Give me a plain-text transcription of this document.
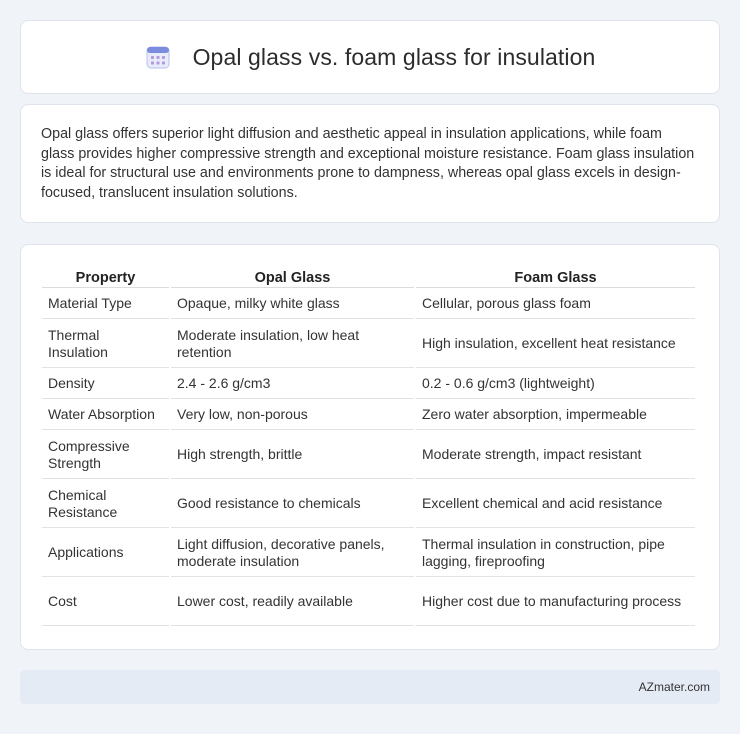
Opal glass vs. foam glass for insulation

Opal glass offers superior light diffusion and aesthetic appeal in insulation applications, while foam glass provides higher compressive strength and exceptional moisture resistance. Foam glass insulation is ideal for structural use and environments prone to dampness, whereas opal glass excels in design-focused, translucent insulation solutions.

Property	Opal Glass	Foam Glass
Material Type	Opaque, milky white glass	Cellular, porous glass foam
Thermal Insulation	Moderate insulation, low heat retention	High insulation, excellent heat resistance
Density	2.4 - 2.6 g/cm3	0.2 - 0.6 g/cm3 (lightweight)
Water Absorption	Very low, non-porous	Zero water absorption, impermeable
Compressive Strength	High strength, brittle	Moderate strength, impact resistant
Chemical Resistance	Good resistance to chemicals	Excellent chemical and acid resistance
Applications	Light diffusion, decorative panels, moderate insulation	Thermal insulation in construction, pipe lagging, fireproofing
Cost	Lower cost, readily available	Higher cost due to manufacturing process
AZmater.com
